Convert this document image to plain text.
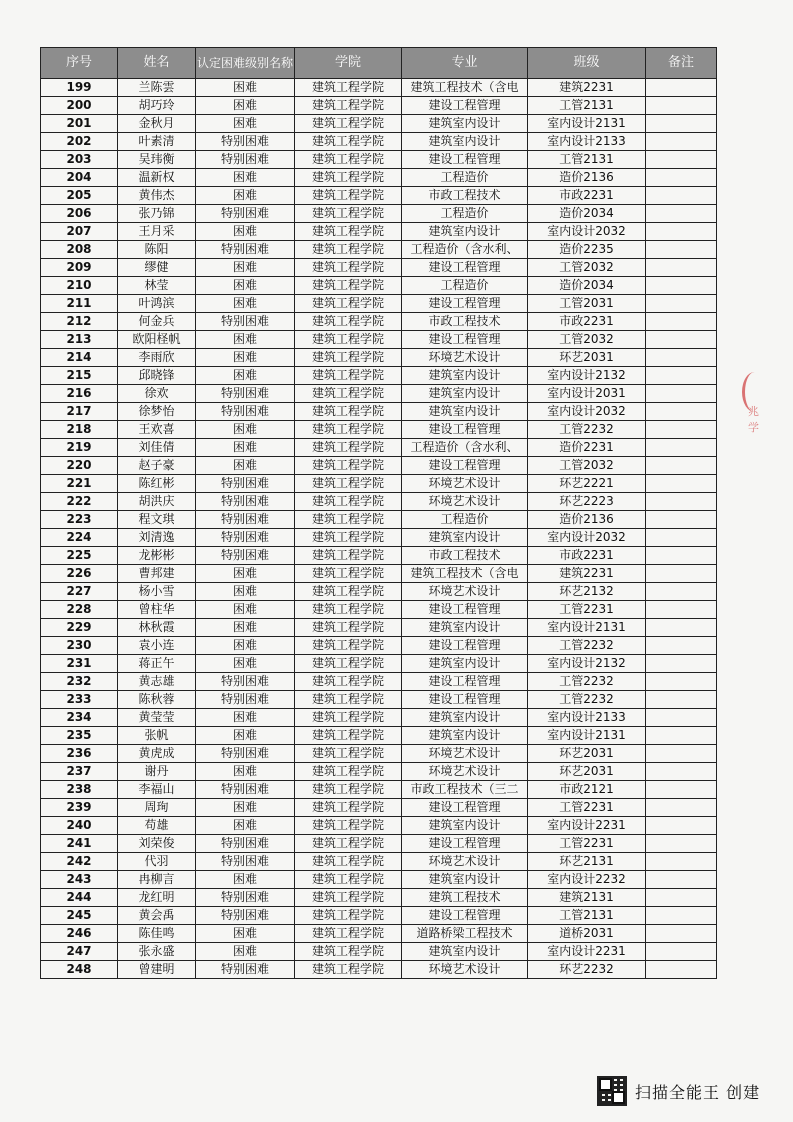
序号	姓名	认定困难级别名称	学院	专业	班级	备注
199	兰陈雲	困难	建筑工程学院	建筑工程技术（含电	建筑2231	
200	胡巧玲	困难	建筑工程学院	建设工程管理	工管2131	
201	金秋月	困难	建筑工程学院	建筑室内设计	室内设计2131	
202	叶素清	特别困难	建筑工程学院	建筑室内设计	室内设计2133	
203	吴玮衡	特别困难	建筑工程学院	建设工程管理	工管2131	
204	温新权	困难	建筑工程学院	工程造价	造价2136	
205	黄伟杰	困难	建筑工程学院	市政工程技术	市政2231	
206	张乃锦	特别困难	建筑工程学院	工程造价	造价2034	
207	王月采	困难	建筑工程学院	建筑室内设计	室内设计2032	
208	陈阳	特别困难	建筑工程学院	工程造价（含水利、	造价2235	
209	缪健	困难	建筑工程学院	建设工程管理	工管2032	
210	林莹	困难	建筑工程学院	工程造价	造价2034	
211	叶鸿滨	困难	建筑工程学院	建设工程管理	工管2031	
212	何金兵	特别困难	建筑工程学院	市政工程技术	市政2231	
213	欧阳柽帆	困难	建筑工程学院	建设工程管理	工管2032	
214	李雨欣	困难	建筑工程学院	环境艺术设计	环艺2031	
215	邱晓锋	困难	建筑工程学院	建筑室内设计	室内设计2132	
216	徐欢	特别困难	建筑工程学院	建筑室内设计	室内设计2031	
217	徐梦怡	特别困难	建筑工程学院	建筑室内设计	室内设计2032	
218	王欢喜	困难	建筑工程学院	建设工程管理	工管2232	
219	刘佳倩	困难	建筑工程学院	工程造价（含水利、	造价2231	
220	赵子豪	困难	建筑工程学院	建设工程管理	工管2032	
221	陈红彬	特别困难	建筑工程学院	环境艺术设计	环艺2221	
222	胡洪庆	特别困难	建筑工程学院	环境艺术设计	环艺2223	
223	程文琪	特别困难	建筑工程学院	工程造价	造价2136	
224	刘清逸	特别困难	建筑工程学院	建筑室内设计	室内设计2032	
225	龙彬彬	特别困难	建筑工程学院	市政工程技术	市政2231	
226	曹邦建	困难	建筑工程学院	建筑工程技术（含电	建筑2231	
227	杨小雪	困难	建筑工程学院	环境艺术设计	环艺2132	
228	曾柱华	困难	建筑工程学院	建设工程管理	工管2231	
229	林秋霞	困难	建筑工程学院	建筑室内设计	室内设计2131	
230	袁小连	困难	建筑工程学院	建设工程管理	工管2232	
231	蒋正午	困难	建筑工程学院	建筑室内设计	室内设计2132	
232	黄志雄	特别困难	建筑工程学院	建设工程管理	工管2232	
233	陈秋蓉	特别困难	建筑工程学院	建设工程管理	工管2232	
234	黄莹莹	困难	建筑工程学院	建筑室内设计	室内设计2133	
235	张帆	困难	建筑工程学院	建筑室内设计	室内设计2131	
236	黄虎成	特别困难	建筑工程学院	环境艺术设计	环艺2031	
237	谢丹	困难	建筑工程学院	环境艺术设计	环艺2031	
238	李福山	特别困难	建筑工程学院	市政工程技术（三二	市政2121	
239	周珣	困难	建筑工程学院	建设工程管理	工管2231	
240	苟雄	困难	建筑工程学院	建筑室内设计	室内设计2231	
241	刘荣俊	特别困难	建筑工程学院	建设工程管理	工管2231	
242	代羽	特别困难	建筑工程学院	环境艺术设计	环艺2131	
243	冉柳言	困难	建筑工程学院	建筑室内设计	室内设计2232	
244	龙红明	特别困难	建筑工程学院	建筑工程技术	建筑2131	
245	黄会禹	特别困难	建筑工程学院	建设工程管理	工管2131	
246	陈佳鸣	困难	建筑工程学院	道路桥梁工程技术	道桥2031	
247	张永盛	困难	建筑工程学院	建筑室内设计	室内设计2231	
248	曾建明	特别困难	建筑工程学院	环境艺术设计	环艺2232	
兆
学
扫描全能王 创建
